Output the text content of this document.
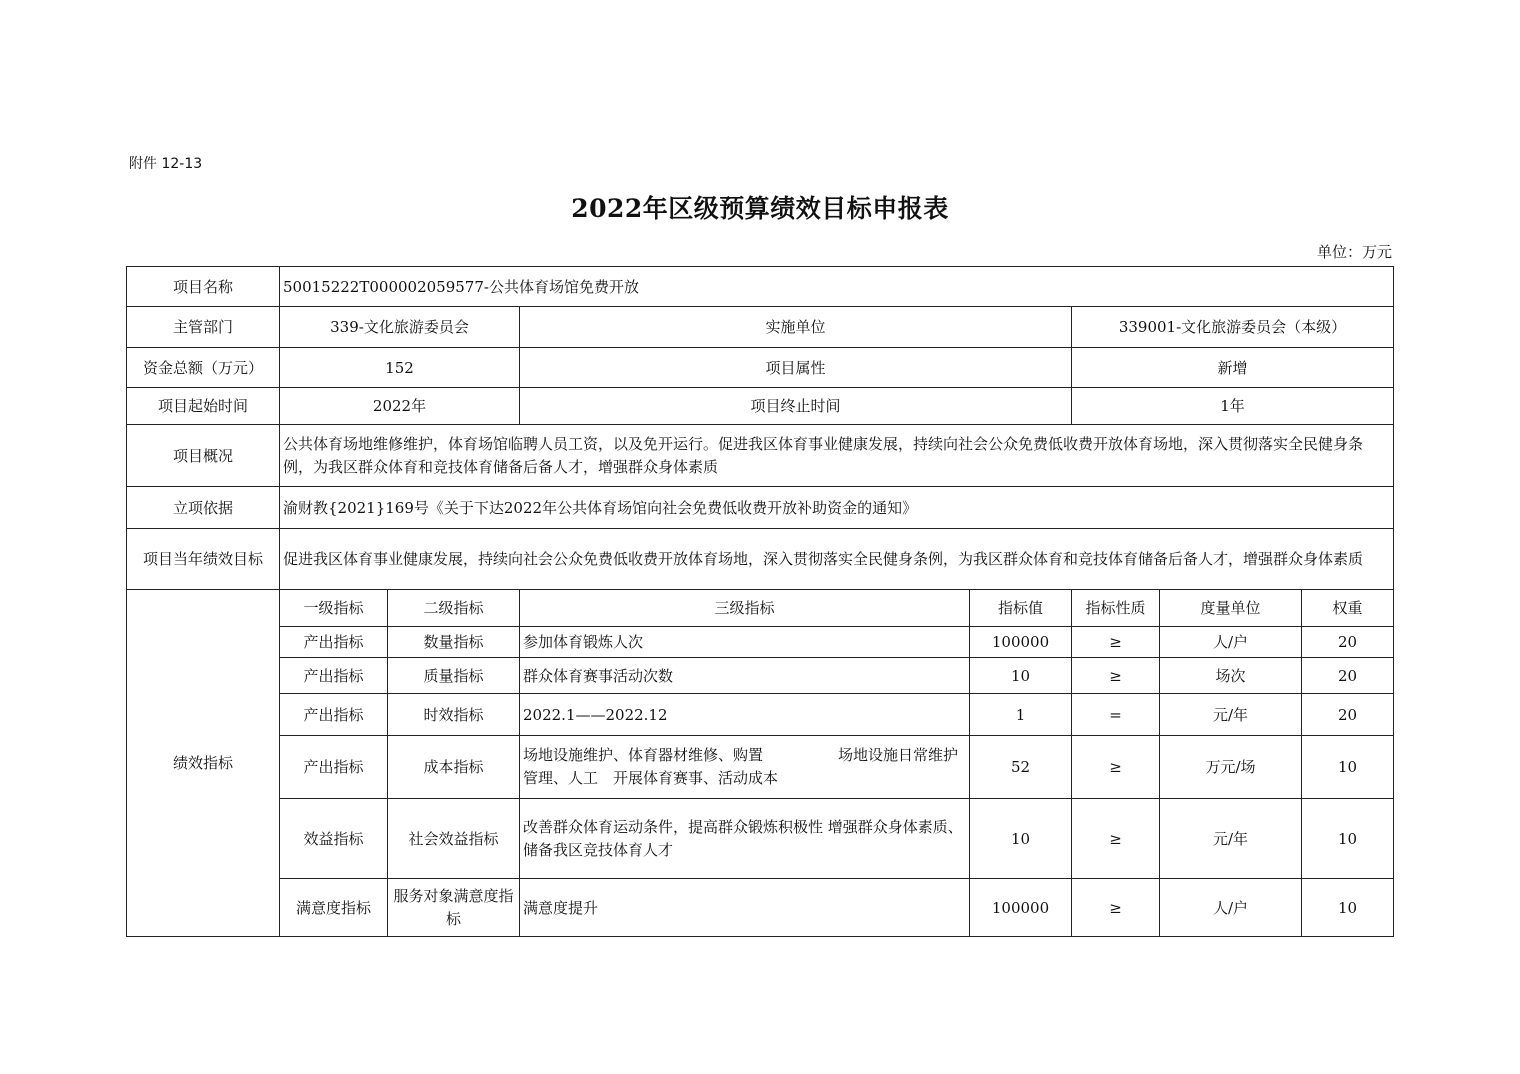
附件 12-13
2022年区级预算绩效目标申报表
单位：万元
项目名称	50015222T000002059577-公共体育场馆免费开放						
主管部门	339-文化旅游委员会		实施单位		339001-文化旅游委员会（本级）		
资金总额（万元）	152		项目属性		新增		
项目起始时间	2022年		项目终止时间		1年		
项目概况	公共体育场地维修维护，体育场馆临聘人员工资，以及免开运行。促进我区体育事业健康发展，持续向社会公众免费低收费开放体育场地，深入贯彻落实全民健身条例，为我区群众体育和竞技体育储备后备人才，增强群众身体素质						
立项依据	渝财教{2021}169号《关于下达2022年公共体育场馆向社会免费低收费开放补助资金的通知》						
项目当年绩效目标	促进我区体育事业健康发展，持续向社会公众免费低收费开放体育场地，深入贯彻落实全民健身条例，为我区群众体育和竞技体育储备后备人才，增强群众身体素质						
绩效指标	一级指标	二级指标	三级指标	指标值	指标性质	度量单位	权重
	产出指标	数量指标	参加体育锻炼人次	100000	≥	人/户	20
	产出指标	质量指标	群众体育赛事活动次数	10	≥	场次	20
	产出指标	时效指标	2022.1——2022.12	1	=	元/年	20
	产出指标	成本指标	场地设施维护、体育器材维修、购置　　　　　场地设施日常维护管理、人工　开展体育赛事、活动成本	52	≥	万元/场	10
	效益指标	社会效益指标	改善群众体育运动条件，提高群众锻炼积极性 增强群众身体素质、储备我区竞技体育人才	10	≥	元/年	10
	满意度指标	服务对象满意度指标	满意度提升	100000	≥	人/户	10
